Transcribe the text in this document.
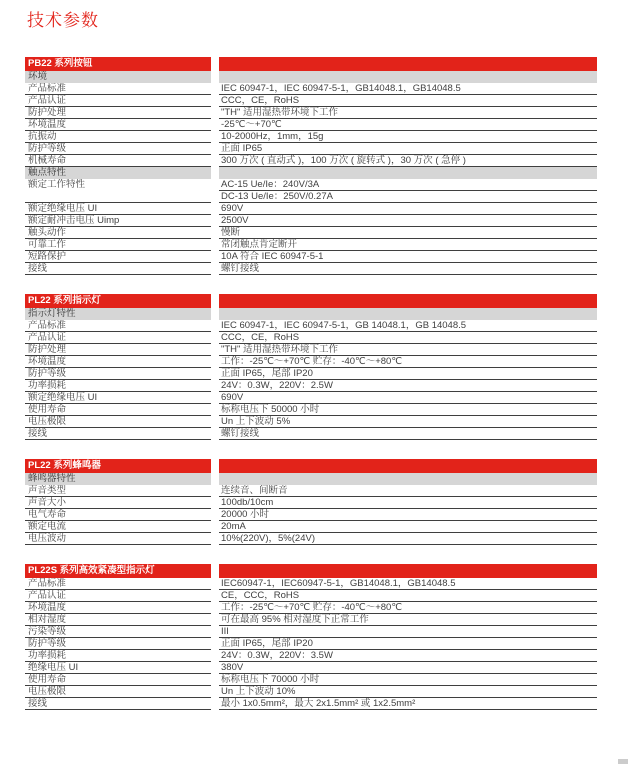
技术参数
PB22 系列按钮
环境
产品标准	IEC 60947-1，IEC 60947-5-1，GB14048.1，GB14048.5
产品认证	CCC，CE，RoHS
防护处理	"TH" 适用湿热带环境下工作
环境温度	-25℃～+70℃
抗振动	10-2000Hz，1mm，15g
防护等级	正面 IP65
机械寿命	300 万次 ( 直动式 )，100 万次 ( 旋转式 )，30 万次 ( 急停 )
触点特性
额定工作特性	AC-15 Ue/Ie：240V/3A
DC-13 Ue/Ie：250V/0.27A
额定绝缘电压 UI	690V
额定耐冲击电压 Uimp	2500V
触头动作	慢断
可靠工作	常闭触点肯定断开
短路保护	10A 符合 IEC 60947-5-1
接线	螺钉接线
PL22 系列指示灯
指示灯特性
产品标准	IEC 60947-1，IEC 60947-5-1，GB 14048.1，GB 14048.5
产品认证	CCC，CE，RoHS
防护处理	"TH" 适用湿热带环境下工作
环境温度	工作：-25℃～+70℃ 贮存：-40℃～+80℃
防护等级	正面 IP65，尾部 IP20
功率损耗	24V：0.3W，220V：2.5W
额定绝缘电压 UI	690V
使用寿命	标称电压下 50000 小时
电压极限	Un 上下波动 5%
接线	螺钉接线
PL22 系列蜂鸣器
蜂鸣器特性
声音类型	连续音、间断音
声音大小	100db/10cm
电气寿命	20000 小时
额定电流	20mA
电压波动	10%(220V)，5%(24V)
PL22S 系列高效紧凑型指示灯
产品标准	IEC60947-1，IEC60947-5-1，GB14048.1，GB14048.5
产品认证	CE，CCC，RoHS
环境温度	工作：-25℃～+70℃ 贮存：-40℃～+80℃
相对湿度	可在最高 95% 相对湿度下正常工作
污染等级	III
防护等级	正面 IP65，尾部 IP20
功率损耗	24V：0.3W，220V：3.5W
绝缘电压 UI	380V
使用寿命	标称电压下 70000 小时
电压极限	Un 上下波动 10%
接线	最小 1x0.5mm²，最大 2x1.5mm² 或 1x2.5mm²
